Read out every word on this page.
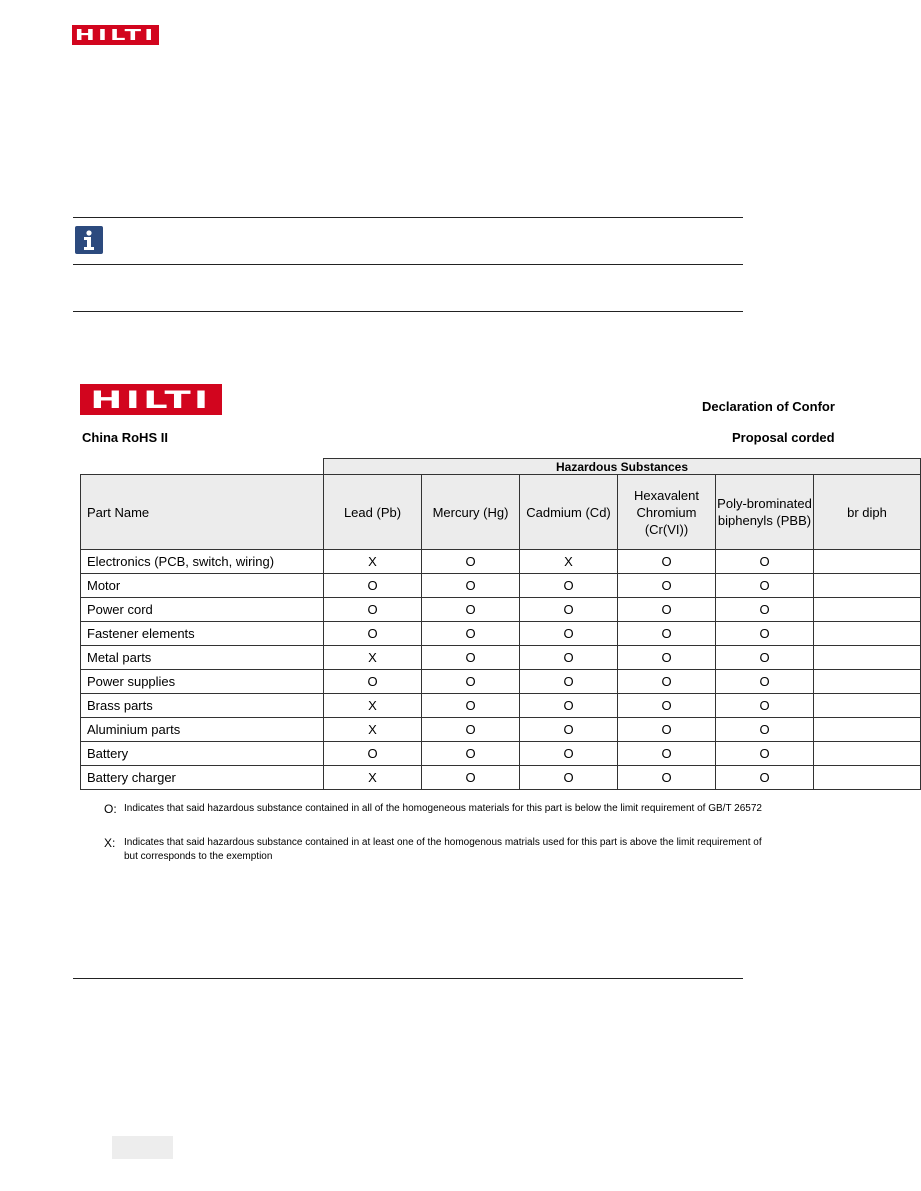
HILTI
HILTI	Declaration of Confor
China RoHS II	Proposal corded
	Hazardous Substances					
Part Name	Lead (Pb)	Mercury (Hg)	Cadmium (Cd)	Hexavalent Chromium (Cr(VI))	Poly-brominated biphenyls (PBB)	br diph
Electronics (PCB, switch, wiring)	X	O	X	O	O	
Motor	O	O	O	O	O	
Power cord	O	O	O	O	O	
Fastener elements	O	O	O	O	O	
Metal parts	X	O	O	O	O	
Power supplies	O	O	O	O	O	
Brass parts	X	O	O	O	O	
Aluminium parts	X	O	O	O	O	
Battery	O	O	O	O	O	
Battery charger	X	O	O	O	O	
O: Indicates that said hazardous substance contained in all of the homogeneous materials for this part is below the limit requirement of GB/T 26572
X: Indicates that said hazardous substance contained in at least one of the homogenous matrials used for this part is above the limit requirement of
but corresponds to the exemption
